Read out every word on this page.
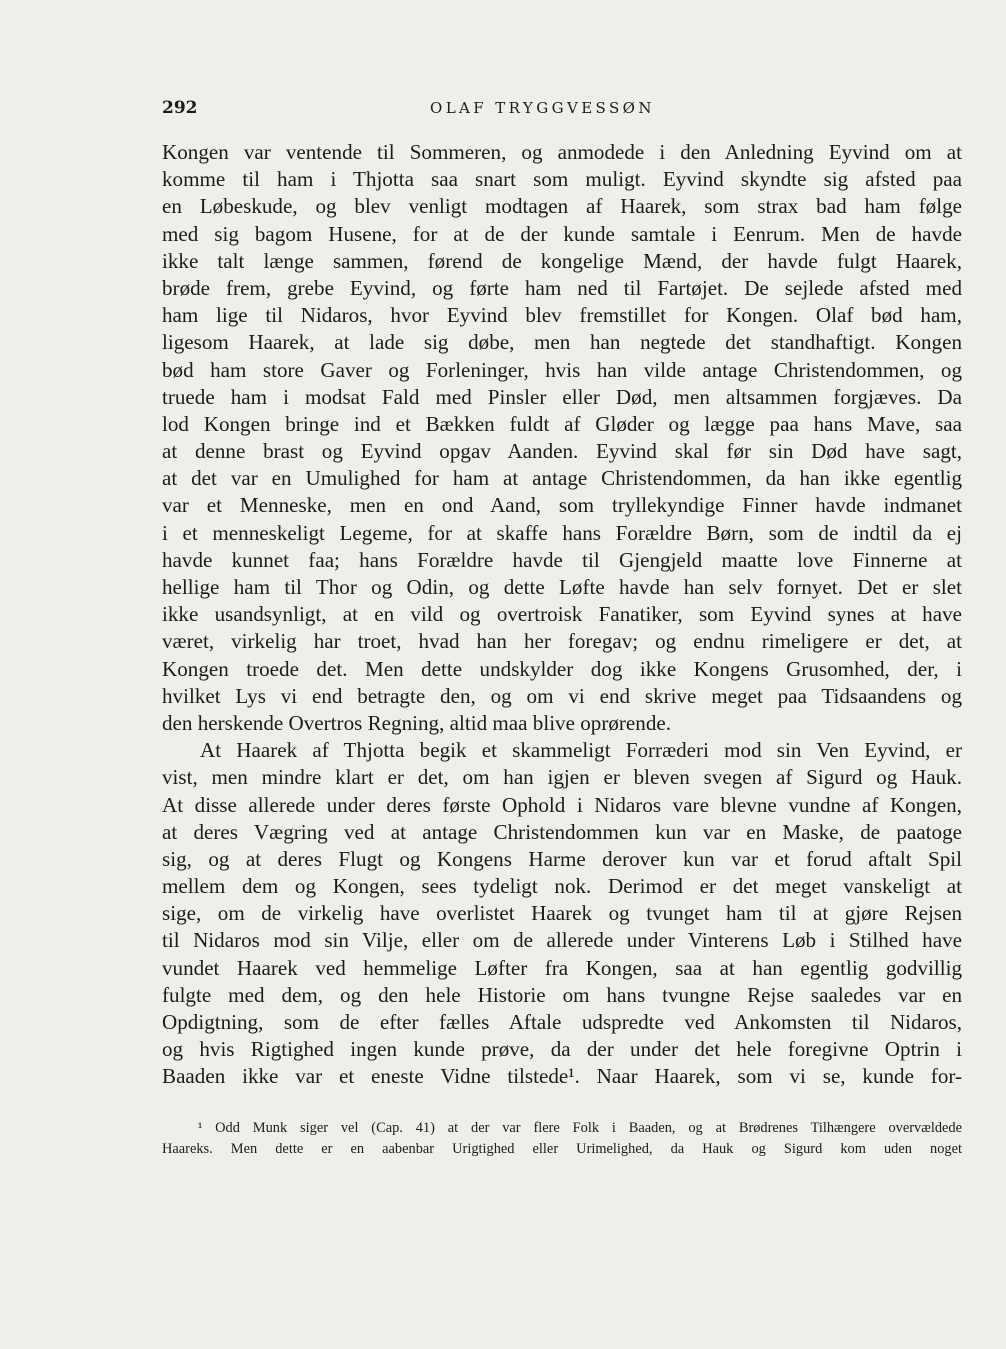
292	OLAF TRYGGVESSØN
Kongen var ventende til Sommeren, og anmodede i den Anledning Eyvind om at
komme til ham i Thjotta saa snart som muligt. Eyvind skyndte sig afsted paa
en Løbeskude, og blev venligt modtagen af Haarek, som strax bad ham følge
med sig bagom Husene, for at de der kunde samtale i Eenrum. Men de havde
ikke talt længe sammen, førend de kongelige Mænd, der havde fulgt Haarek,
brøde frem, grebe Eyvind, og førte ham ned til Fartøjet. De sejlede afsted med
ham lige til Nidaros, hvor Eyvind blev fremstillet for Kongen. Olaf bød ham,
ligesom Haarek, at lade sig døbe, men han negtede det standhaftigt. Kongen
bød ham store Gaver og Forleninger, hvis han vilde antage Christendommen, og
truede ham i modsat Fald med Pinsler eller Død, men altsammen forgjæves. Da
lod Kongen bringe ind et Bækken fuldt af Gløder og lægge paa hans Mave, saa
at denne brast og Eyvind opgav Aanden. Eyvind skal før sin Død have sagt,
at det var en Umulighed for ham at antage Christendommen, da han ikke egentlig
var et Menneske, men en ond Aand, som tryllekyndige Finner havde indmanet
i et menneskeligt Legeme, for at skaffe hans Forældre Børn, som de indtil da ej
havde kunnet faa; hans Forældre havde til Gjengjeld maatte love Finnerne at
hellige ham til Thor og Odin, og dette Løfte havde han selv fornyet. Det er slet
ikke usandsynligt, at en vild og overtroisk Fanatiker, som Eyvind synes at have
været, virkelig har troet, hvad han her foregav; og endnu rimeligere er det, at
Kongen troede det. Men dette undskylder dog ikke Kongens Grusomhed, der, i
hvilket Lys vi end betragte den, og om vi end skrive meget paa Tidsaandens og
den herskende Overtros Regning, altid maa blive oprørende.
At Haarek af Thjotta begik et skammeligt Forræderi mod sin Ven Eyvind, er
vist, men mindre klart er det, om han igjen er bleven svegen af Sigurd og Hauk.
At disse allerede under deres første Ophold i Nidaros vare blevne vundne af Kongen,
at deres Vægring ved at antage Christendommen kun var en Maske, de paatoge
sig, og at deres Flugt og Kongens Harme derover kun var et forud aftalt Spil
mellem dem og Kongen, sees tydeligt nok. Derimod er det meget vanskeligt at
sige, om de virkelig have overlistet Haarek og tvunget ham til at gjøre Rejsen
til Nidaros mod sin Vilje, eller om de allerede under Vinterens Løb i Stilhed have
vundet Haarek ved hemmelige Løfter fra Kongen, saa at han egentlig godvillig
fulgte med dem, og den hele Historie om hans tvungne Rejse saaledes var en
Opdigtning, som de efter fælles Aftale udspredte ved Ankomsten til Nidaros,
og hvis Rigtighed ingen kunde prøve, da der under det hele foregivne Optrin i
Baaden ikke var et eneste Vidne tilstede¹. Naar Haarek, som vi se, kunde for-
¹ Odd Munk siger vel (Cap. 41) at der var flere Folk i Baaden, og at Brødrenes Tilhængere overvældede
Haareks. Men dette er en aabenbar Urigtighed eller Urimelighed, da Hauk og Sigurd kom uden noget
